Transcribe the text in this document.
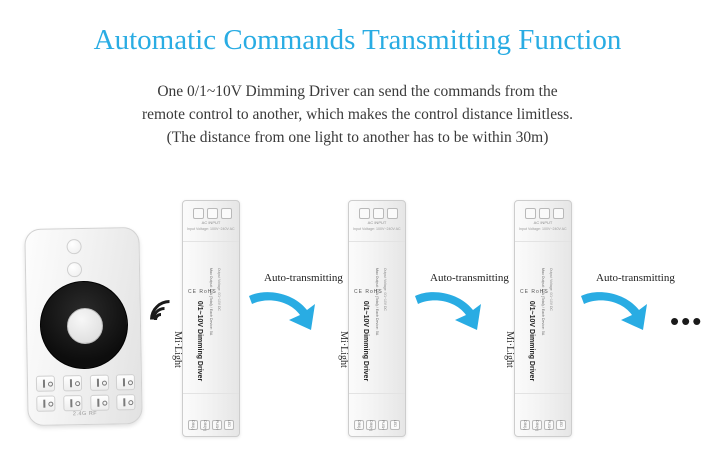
Automatic Commands Transmitting Function
One 0/1~10V Dimming Driver can send the commands from the
remote control to another, which makes the control distance limitless.
(The distance from one light to another has to be within 30m)
2.4G RF
AC INPUT
Input Voltage: 100V~240V AC
Mi·Light 0/1~10V Dimming Driver Max Output: 15A (Total) / Each Device: 5A Output Voltage: 0/1~10V DC
CE RoHS
DIM(-) DIM(+) PUSH LED
AC INPUT
Input Voltage: 100V~240V AC
Mi·Light 0/1~10V Dimming Driver Max Output: 15A (Total) / Each Device: 5A Output Voltage: 0/1~10V DC
CE RoHS
DIM(-) DIM(+) PUSH LED
AC INPUT
Input Voltage: 100V~240V AC
Mi·Light 0/1~10V Dimming Driver Max Output: 15A (Total) / Each Device: 5A Output Voltage: 0/1~10V DC
CE RoHS
DIM(-) DIM(+) PUSH LED
Auto-transmitting	Auto-transmitting	Auto-transmitting
•••
